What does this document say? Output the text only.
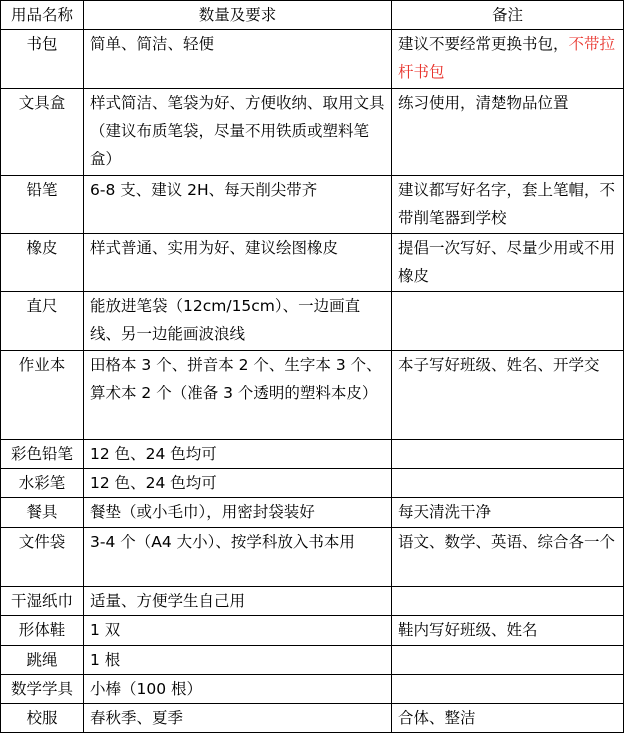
用品名称	数量及要求	备注
书包	简单、简洁、轻便	建议不要经常更换书包，不带拉杆书包
文具盒	样式简洁、笔袋为好、方便收纳、取用文具（建议布质笔袋，尽量不用铁质或塑料笔盒）	练习使用，清楚物品位置
铅笔	6-8 支、建议 2H、每天削尖带齐	建议都写好名字，套上笔帽，不带削笔器到学校
橡皮	样式普通、实用为好、建议绘图橡皮	提倡一次写好、尽量少用或不用橡皮
直尺	能放进笔袋（12cm/15cm）、一边画直线、另一边能画波浪线	
作业本	田格本 3 个、拼音本 2 个、生字本 3 个、算术本 2 个（准备 3 个透明的塑料本皮）	本子写好班级、姓名、开学交
彩色铅笔	12 色、24 色均可	
水彩笔	12 色、24 色均可	
餐具	餐垫（或小毛巾），用密封袋装好	每天清洗干净
文件袋	3-4 个（A4 大小）、按学科放入书本用	语文、数学、英语、综合各一个
干湿纸巾	适量、方便学生自己用	
形体鞋	1 双	鞋内写好班级、姓名
跳绳	1 根	
数学学具	小棒（100 根）	
校服	春秋季、夏季	合体、整洁
